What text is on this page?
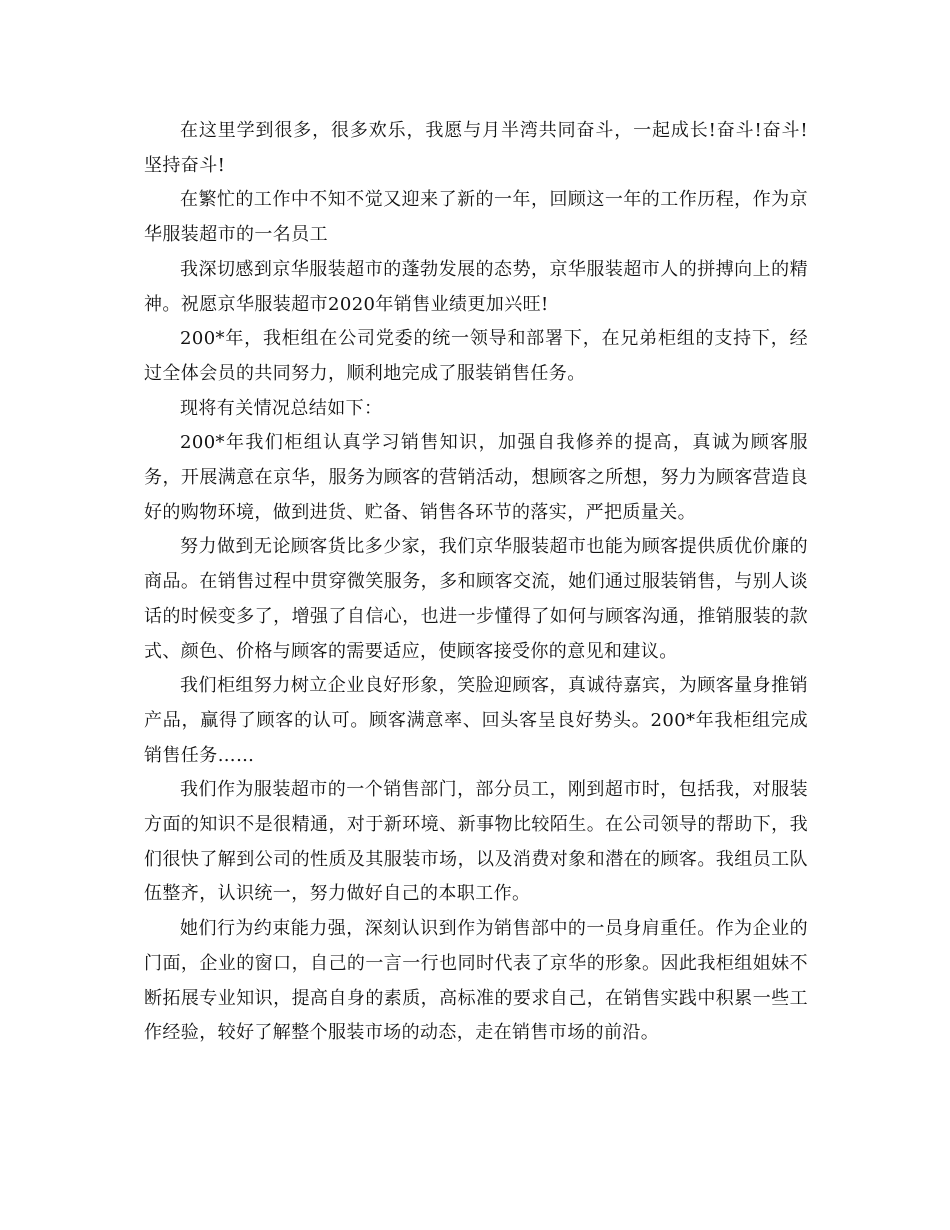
在这里学到很多，很多欢乐，我愿与月半湾共同奋斗，一起成长!奋斗!奋斗!坚持奋斗!

在繁忙的工作中不知不觉又迎来了新的一年，回顾这一年的工作历程，作为京华服装超市的一名员工

我深切感到京华服装超市的蓬勃发展的态势，京华服装超市人的拼搏向上的精神。祝愿京华服装超市2020年销售业绩更加兴旺!

200*年，我柜组在公司党委的统一领导和部署下，在兄弟柜组的支持下，经过全体会员的共同努力，顺利地完成了服装销售任务。

现将有关情况总结如下：

200*年我们柜组认真学习销售知识，加强自我修养的提高，真诚为顾客服务，开展满意在京华，服务为顾客的营销活动，想顾客之所想，努力为顾客营造良好的购物环境，做到进货、贮备、销售各环节的落实，严把质量关。

努力做到无论顾客货比多少家，我们京华服装超市也能为顾客提供质优价廉的商品。在销售过程中贯穿微笑服务，多和顾客交流，她们通过服装销售，与别人谈话的时候变多了，增强了自信心，也进一步懂得了如何与顾客沟通，推销服装的款式、颜色、价格与顾客的需要适应，使顾客接受你的意见和建议。

我们柜组努力树立企业良好形象，笑脸迎顾客，真诚待嘉宾，为顾客量身推销产品，赢得了顾客的认可。顾客满意率、回头客呈良好势头。200*年我柜组完成销售任务……

我们作为服装超市的一个销售部门，部分员工，刚到超市时，包括我，对服装方面的知识不是很精通，对于新环境、新事物比较陌生。在公司领导的帮助下，我们很快了解到公司的性质及其服装市场，以及消费对象和潜在的顾客。我组员工队伍整齐，认识统一，努力做好自己的本职工作。

她们行为约束能力强，深刻认识到作为销售部中的一员身肩重任。作为企业的门面，企业的窗口，自己的一言一行也同时代表了京华的形象。因此我柜组姐妹不断拓展专业知识，提高自身的素质，高标准的要求自己，在销售实践中积累一些工作经验，较好了解整个服装市场的动态，走在销售市场的前沿。
